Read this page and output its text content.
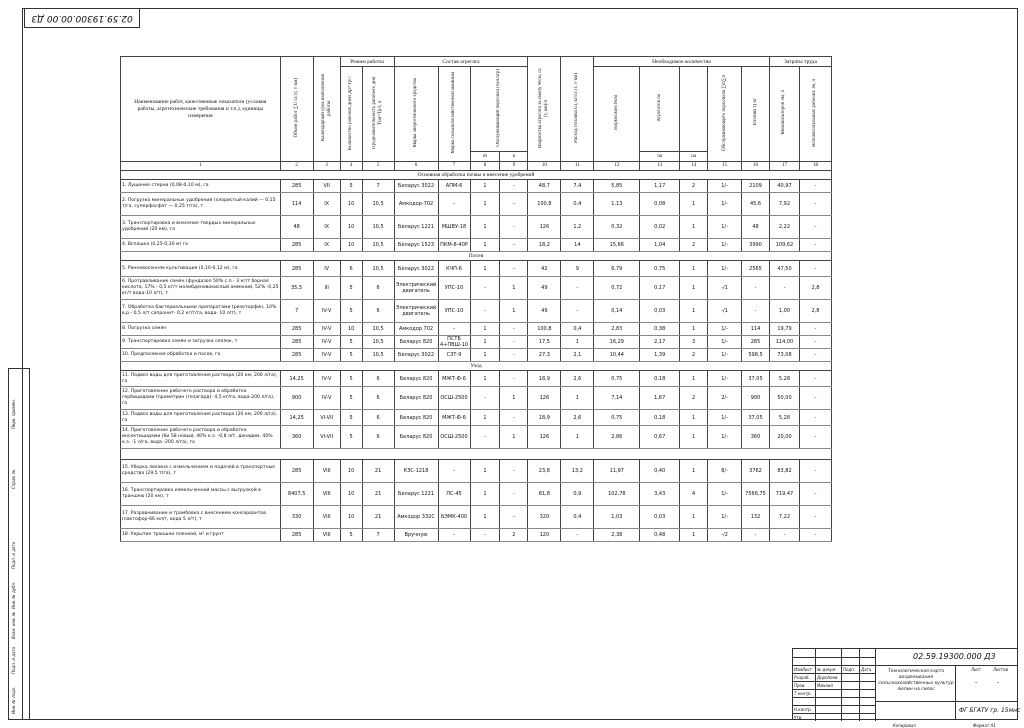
02.59.19300.00.00 Д3
Перв. примен.
Справ. №
Подп. и дата
Инв. № дубл.
Взам. инв. №
Подп. и дата
Инв. № подл.
Наименование работ, качественные показатели (условия работы, агротехнические требования и т.п.), единицы измерения	Объем работ ∑U га (т, т·км)	Календарный срок выполнения работы	Режим работы		Состав агрегата				Выработка агрегата за смену Wсм, га (т, км)/ч	Расход топлива Gt, кг/га (т, т·км)	Необходимое количество					Затраты труда	
			Количество рабочих дней Др=Тр/7	Продолжительность рабочего дня Тсм=Тр/t, ч	Марка энергетического средства	Марка сельскохозяйственной машины	Обслуживающий персонал (чел/агр)				Нормосмен Nсм	Агрегатов nа		Обслуживающего персонала ∑m∑n	Топлива Q кг	Механизаторов Зм, ч	Вспомогательных рабочих Зв, ч
							m	n				na	na				
1	2	3	4	5	6	7	8	9	10	11	12	13	14	15	16	17	18
Основная обработка почвы и внесение удобрений																	
1. Лущение стерни (0,08-0,10 м), га	285	VII	5	7	Беларус 3022	АПМ-6	1	-	48,7	7,4	5,85	1,17	2	1/-	2109	40,97	-
2. Погрузка минеральных удобрений (хлористый калий — 0,15 т/га, суперфосфат — 0,25 т/га), т	114	IX	10	10,5	Амкодор-702	-	1	-	100,8	0,4	1,13	0,08	1	1/-	45,6	7,92	-
3. Транспортировка и внесение твердых минеральных удобрений (20 км), га	48	IX	10	10,5	Беларус 1221	МШВУ-18	1	-	126	1,2	0,32	0,02	1	1/-	48	2,22	-
4. Вспашка (0,25-0,30 м) га	285	IX	10	10,5	Беларус 1523	ПКМ-8-40Р	1	-	18,2	14	15,66	1,04	2	1/-	3990	109,62	-
Посев																	
5. Ранневесенняя культивация (0,10-0,12 м), га	285	IV	6	10,5	Беларус 3022	КЧП-6	1	-	42	9	6,79	0,75	1	1/-	2565	47,50	-
6. Протравливание семян (фундазол 50% с.п.- 3 кг/т борная кислота, 17% - 0,5 кг/т молибденовокислый аммоний, 52% -0,25 кг/т вода-10 л/т), т	35,5	III	5	6	Электрический двигатель	УПС-10	-	1	49	-	0,72	0,17	1	-/1	-	-	2,8
7. Обработка бактериальными препаратами (ризоторфин, 10% в.р.- 0,5 л/т сапронит- 0,2 кг/т/га, вода- 10 л/т), т	7	IV-V	5	6	Электрический двигатель	УПС-10	-	1	49	-	0,14	0,03	1	-/1	-	1,00	2,8
8. Погрузка семян	285	IV-V	10	10,5	Амкодор 702	-	1	-	100,8	0,4	2,83	0,38	1	1/-	114	19,79	-
9. Транспортировка семян и загрузка сеялок, т	285	IV-V	5	10,5	Беларус 820	ПСТБ 4+ПВШ-10	1	-	17,5	1	16,29	2,17	3	1/-	285	114,00	-
10. Предпосевная обработка и посев, га	285	IV-V	5	10,5	Беларус 3022	СЗТ-9	1	-	27,3	2,1	10,44	1,39	2	1/-	598,5	73,08	-
Уход																	
11. Подвоз воды для приготовления раствора (20 км, 200 л/га), га	14,25	IV-V	5	6	Беларус 820	МЖТ-Ф-6	1	-	18,9	2,6	0,75	0,18	1	1/-	37,05	5,28	-
12. Приготовление рабочего раствора и обработка гербицидами (прометрин (гезагард)- 4,5 кг/га, вода-200 л/га), га	900	IV-V	5	6	Беларус 820	ОСШ-2500	-	1	126	1	7,14	1,67	2	2/-	900	50,00	-
13. Подвоз воды для приготовления раствора (20 км, 200 л/га), га	14,25	VI-VII	5	6	Беларус 820	МЖТ-Ф-6	1	-	18,9	2,6	0,75	0,18	1	1/-	37,05	5,28	-
14. Приготовление рабочего раствора и обработка инсектицидами (би 58 новый, 40% к.э. -0,8 л/т, данадим, 40% к.э. -1 л/га, вода -200 л/га), га	360	VI-VII	5	6	Беларус 820	ОСШ-2500	-	1	126	1	2,86	0,67	1	1/-	360	20,00	-

15. Уборка люпина с измельчением и подачей в транспортные средства (29,5 т/га), т	285	VIII	10	21	КЗС-1218	-	1	-	23,8	13,2	11,97	0,40	1	8/-	3762	83,82	-
16. Транспортировка измельченной массы с выгрузкой в траншею (20 км), т	8407,5	VIII	10	21	Беларус 1221	ПС-45	1	-	81,8	0,9	102,78	3,43	4	1/-	7566,75	719,47	-
17. Разравнивание и трамбовка с внесением консервантов (лактофор-66 мл/т, вода 5 л/т), т	330	VIII	10	21	Амкодор 332С	БЭМК-400	1	-	320	0,4	1,03	0,03	1	1/-	132	7,22	-
18. Укрытие траншеи пленкой, м² и грунт	285	VIII	5	7	Вручную	-	-	2	120	-	2,38	0,48	1	-/2	-	-	-
Изм.
Лист № докум. Подп. Дата
Разраб.
Пров.
Т.контр.
Н.контр.
Утв.
Доропеев
Михаил
02.59.19300.000 Д3
Технологическая карта возделывания сельскохозяйственных культур люпин на силос
Лист	Листов
-	-
ФГ БГАТУ гр. 15мнс
Копировал	Формат А1
